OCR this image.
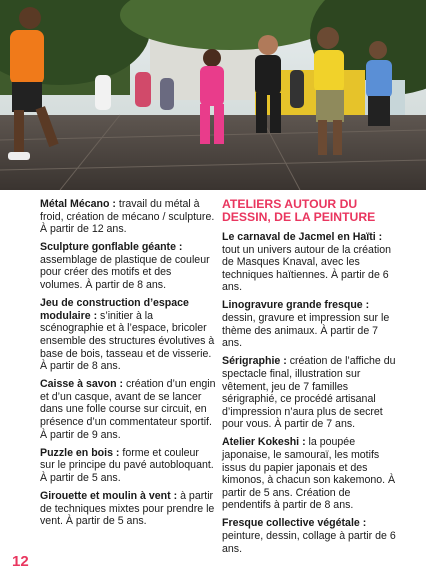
Métal Mécano : travail du métal à froid, création de mécano / sculpture. À partir de 12 ans.

Sculpture gonflable géante : assemblage de plastique de couleur pour créer des motifs et des volumes. À partir de 8 ans.

Jeu de construction d’espace modulaire : s’initier à la scénographie et à l’espace, bricoler ensemble des structures évolutives à base de bois, tasseau et de visserie. À partir de 8 ans.

Caisse à savon : création d’un engin et d’un casque, avant de se lancer dans une folle course sur circuit, en présence d’un commentateur sportif. À partir de 9 ans.

Puzzle en bois : forme et couleur sur le principe du pavé autobloquant. À partir de 5 ans.

Girouette et moulin à vent : à partir de techniques mixtes pour prendre le vent. À partir de 5 ans.

ATELIERS AUTOUR DU DESSIN, DE LA PEINTURE

Le carnaval de Jacmel en Haïti : tout un univers autour de la création de Masques Knaval, avec les techniques haïtiennes. À partir de 6 ans.

Linogravure grande fresque : dessin, gravure et impression sur le thème des animaux. À partir de 7 ans.

Sérigraphie : création de l’affiche du spectacle final, illustration sur vêtement, jeu de 7 familles sérigraphié, ce procédé artisanal d’impression n’aura plus de secret pour vous. À partir de 7 ans.

Atelier Kokeshi : la poupée japonaise, le samouraï, les motifs issus du papier japonais et des kimonos, à chacun son kakemono. À partir de 5 ans. Création de pendentifs à partir de 8 ans.

Fresque collective végétale : peinture, dessin, collage à partir de 6 ans.

12
